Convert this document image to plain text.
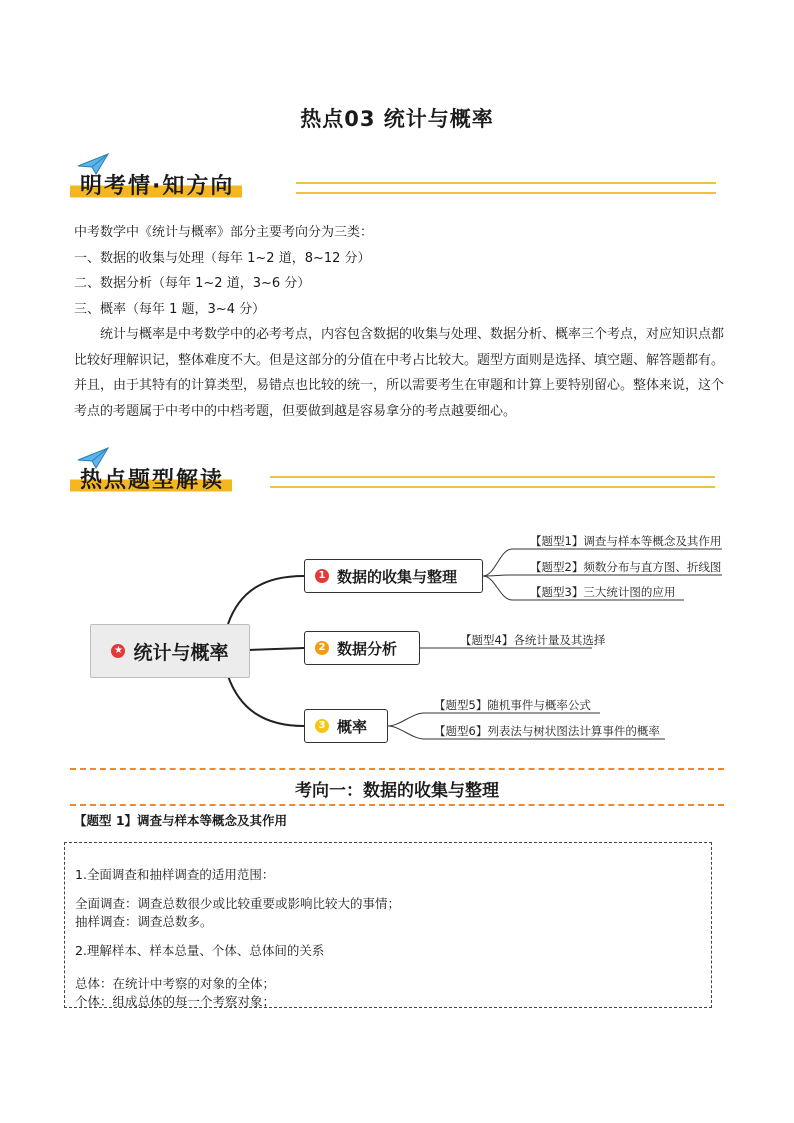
热点03 统计与概率
明考情·知方向

中考数学中《统计与概率》部分主要考向分为三类：

一、数据的收集与处理（每年 1~2 道，8~12 分）

二、数据分析（每年 1~2 道，3~6 分）

三、概率（每年 1 题，3~4 分）

统计与概率是中考数学中的必考考点，内容包含数据的收集与处理、数据分析、概率三个考点，对应知识点都比较好理解识记，整体难度不大。但是这部分的分值在中考占比较大。题型方面则是选择、填空题、解答题都有。并且，由于其特有的计算类型，易错点也比较的统一，所以需要考生在审题和计算上要特别留心。整体来说，这个考点的考题属于中考中的中档考题，但要做到越是容易拿分的考点越要细心。

热点题型解读
★ 统计与概率
1 数据的收集与整理
【题型1】调查与样本等概念及其作用
【题型2】频数分布与直方图、折线图
【题型3】三大统计图的应用
2 数据分析	【题型4】各统计量及其选择
3 概率
【题型5】随机事件与概率公式
【题型6】列表法与树状图法计算事件的概率
考向一：数据的收集与整理
【题型 1】调查与样本等概念及其作用

1.全面调查和抽样调查的适用范围：

全面调查：调查总数很少或比较重要或影响比较大的事情；

抽样调查：调查总数多。

2.理解样本、样本总量、个体、总体间的关系

总体：在统计中考察的对象的全体；

个体：组成总体的每一个考察对象；
